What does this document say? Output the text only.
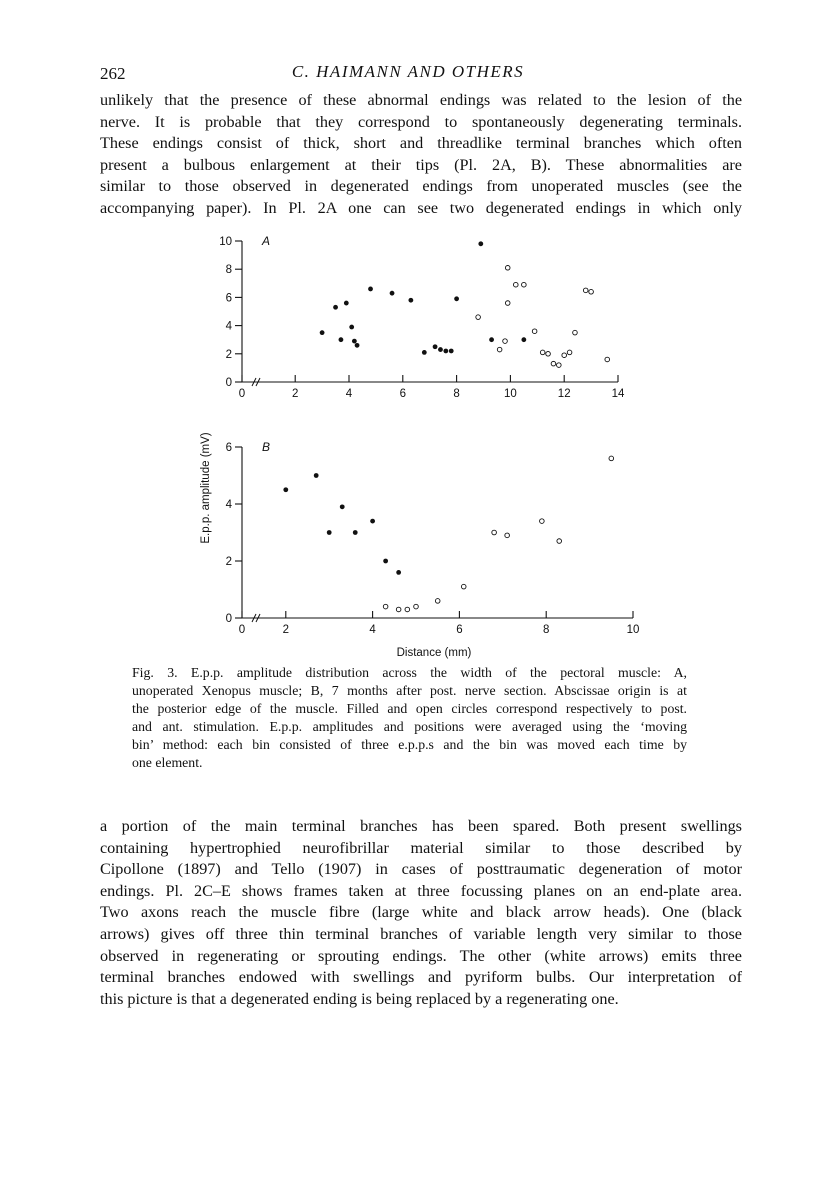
262	C. HAIMANN AND OTHERS

unlikely that the presence of these abnormal endings was related to the lesion of the
nerve. It is probable that they correspond to spontaneously degenerating terminals.
These endings consist of thick, short and threadlike terminal branches which often
present a bulbous enlargement at their tips (Pl. 2A, B). These abnormalities are
similar to those observed in degenerated endings from unoperated muscles (see the
accompanying paper). In Pl. 2A one can see two degenerated endings in which only

E.p.p. amplitude (mV)
Distance (mm)
0
2
4
6
8
10
0	2	4	6	8	10	12	14
A
0
2
4
6
0	2	4	6	8	10
B

Fig. 3. E.p.p. amplitude distribution across the width of the pectoral muscle: A,
unoperated Xenopus muscle; B, 7 months after post. nerve section. Abscissae origin is at
the posterior edge of the muscle. Filled and open circles correspond respectively to post.
and ant. stimulation. E.p.p. amplitudes and positions were averaged using the ‘moving
bin’ method: each bin consisted of three e.p.p.s and the bin was moved each time by
one element.

a portion of the main terminal branches has been spared. Both present swellings
containing hypertrophied neurofibrillar material similar to those described by
Cipollone (1897) and Tello (1907) in cases of posttraumatic degeneration of motor
endings. Pl. 2C–E shows frames taken at three focussing planes on an end-plate area.
Two axons reach the muscle fibre (large white and black arrow heads). One (black
arrows) gives off three thin terminal branches of variable length very similar to those
observed in regenerating or sprouting endings. The other (white arrows) emits three
terminal branches endowed with swellings and pyriform bulbs. Our interpretation of
this picture is that a degenerated ending is being replaced by a regenerating one.
